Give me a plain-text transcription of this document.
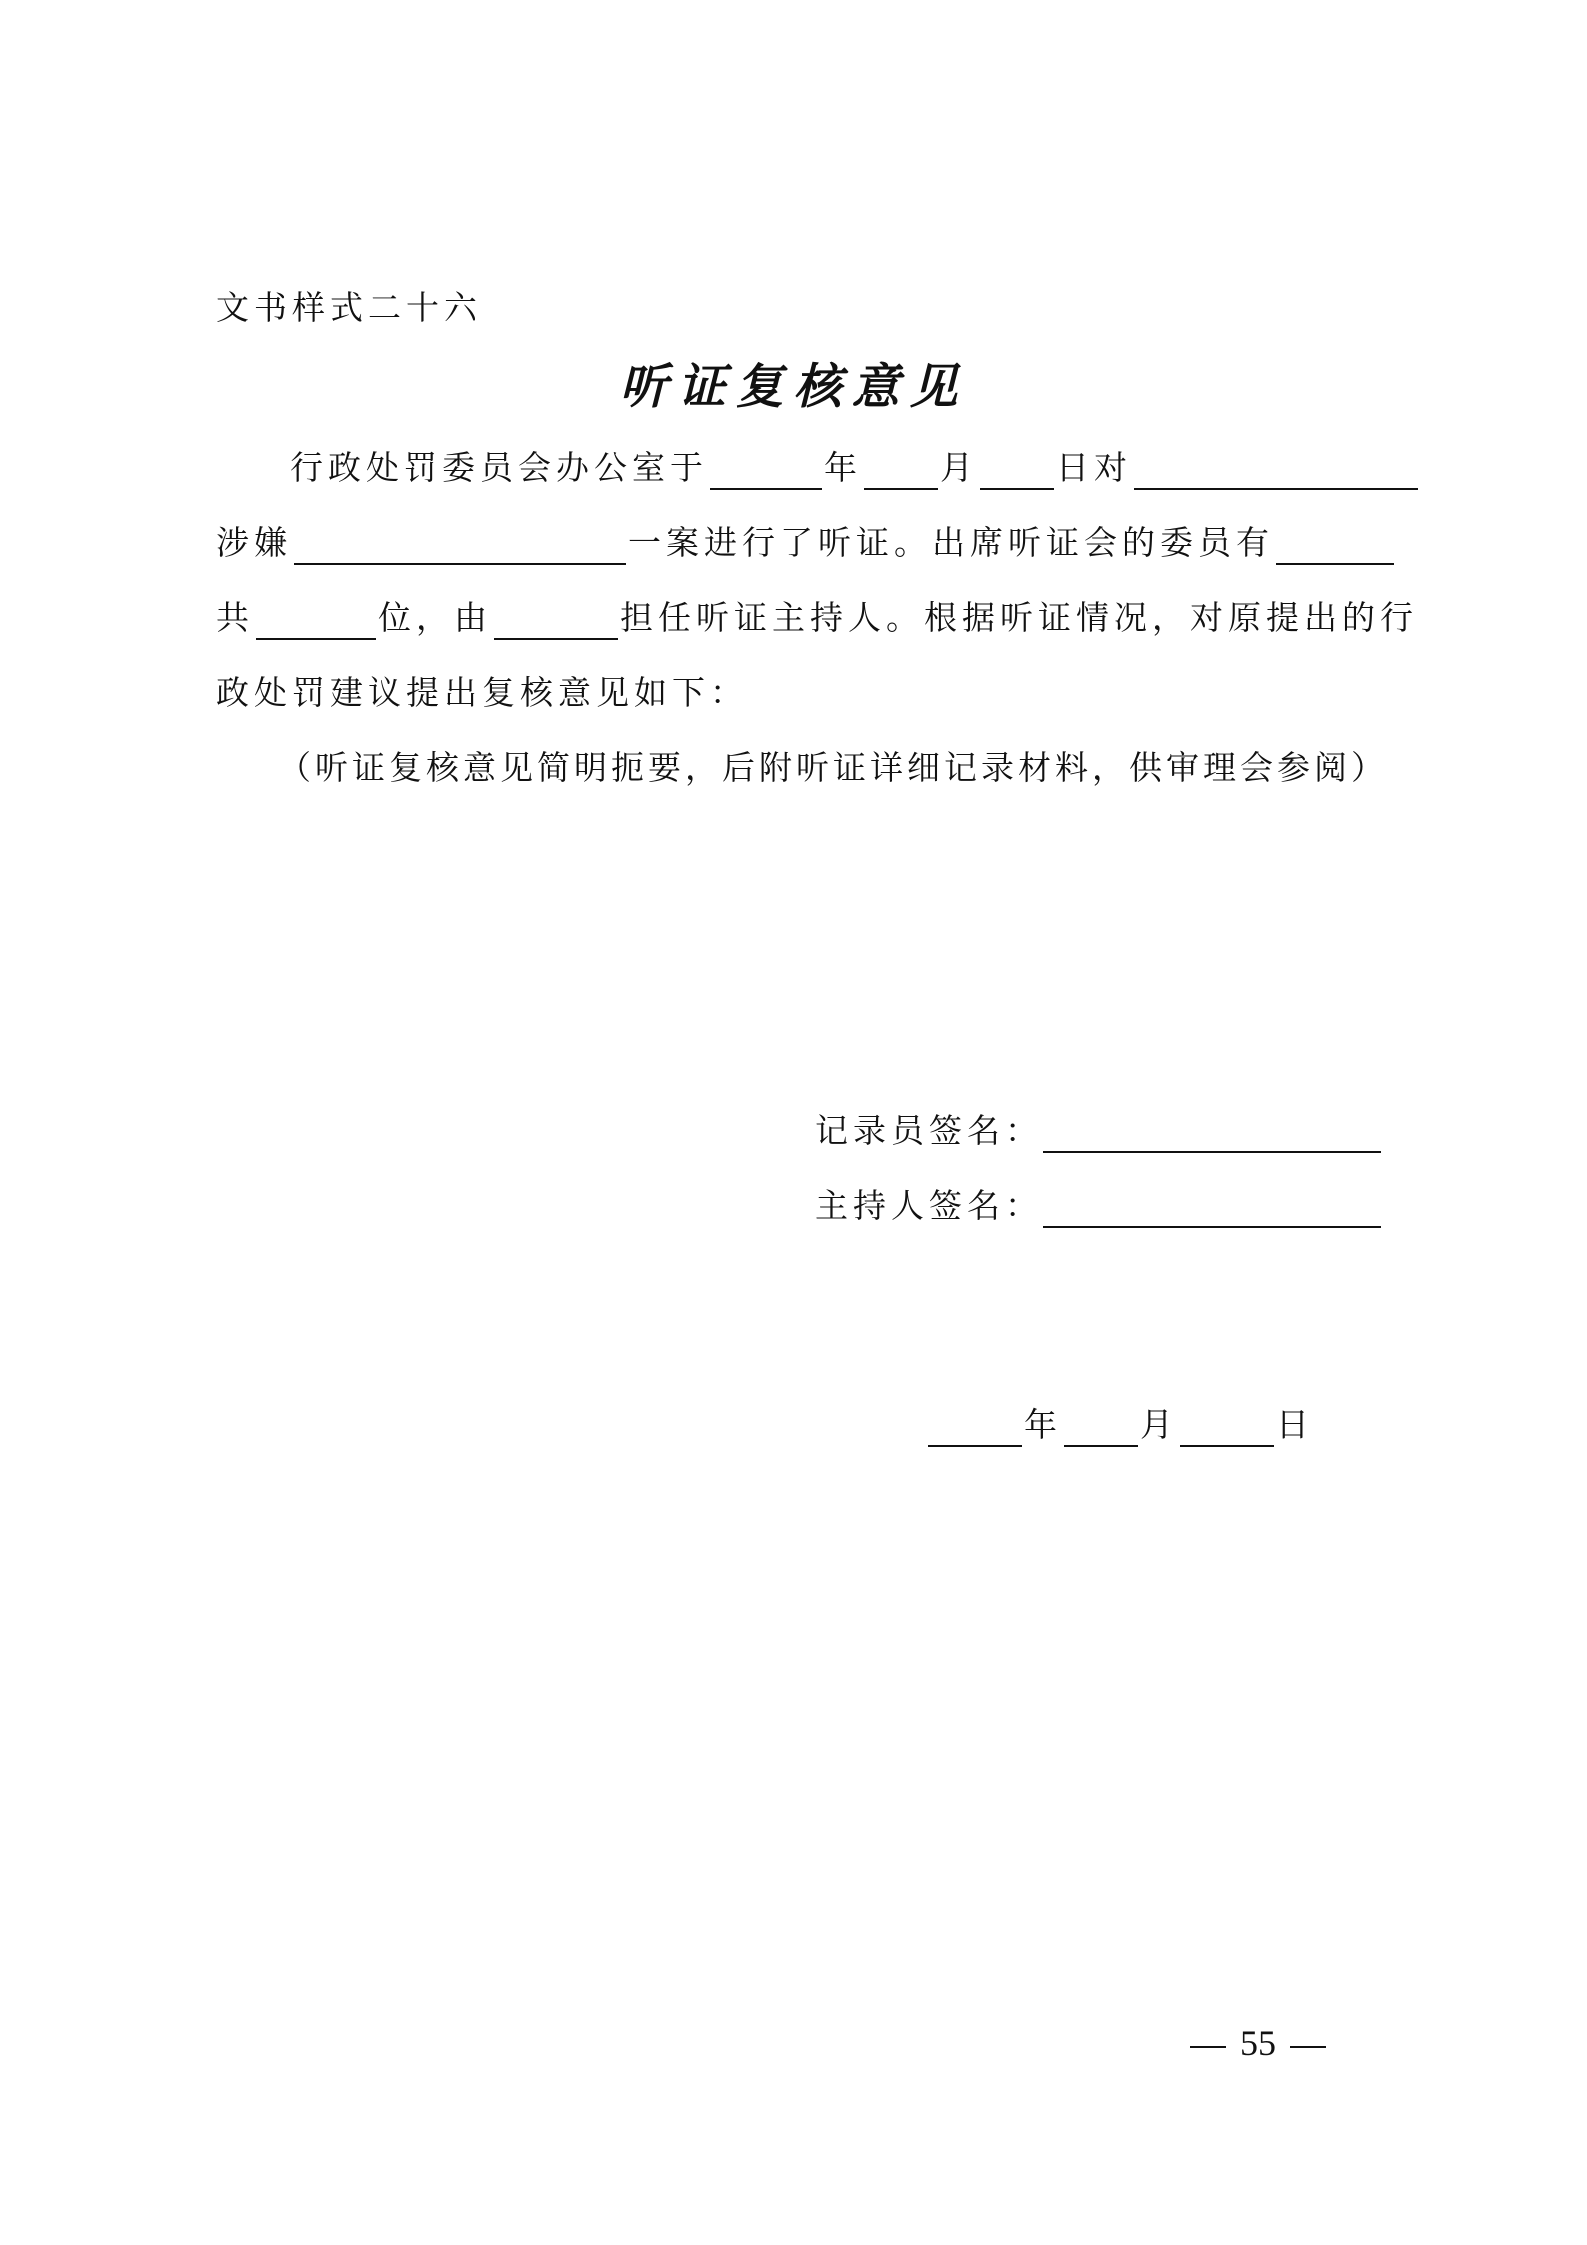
文书样式二十六
听证复核意见
行政处罚委员会办公室于	年 月 日对
涉嫌	一案进行了听证。出席听证会的委员有
共	位，由	担任听证主持人。根据听证情况，对原提出的行
政处罚建议提出复核意见如下：
（听证复核意见简明扼要，后附听证详细记录材料，供审理会参阅）
记录员签名：
主持人签名：
年 月	日
55
